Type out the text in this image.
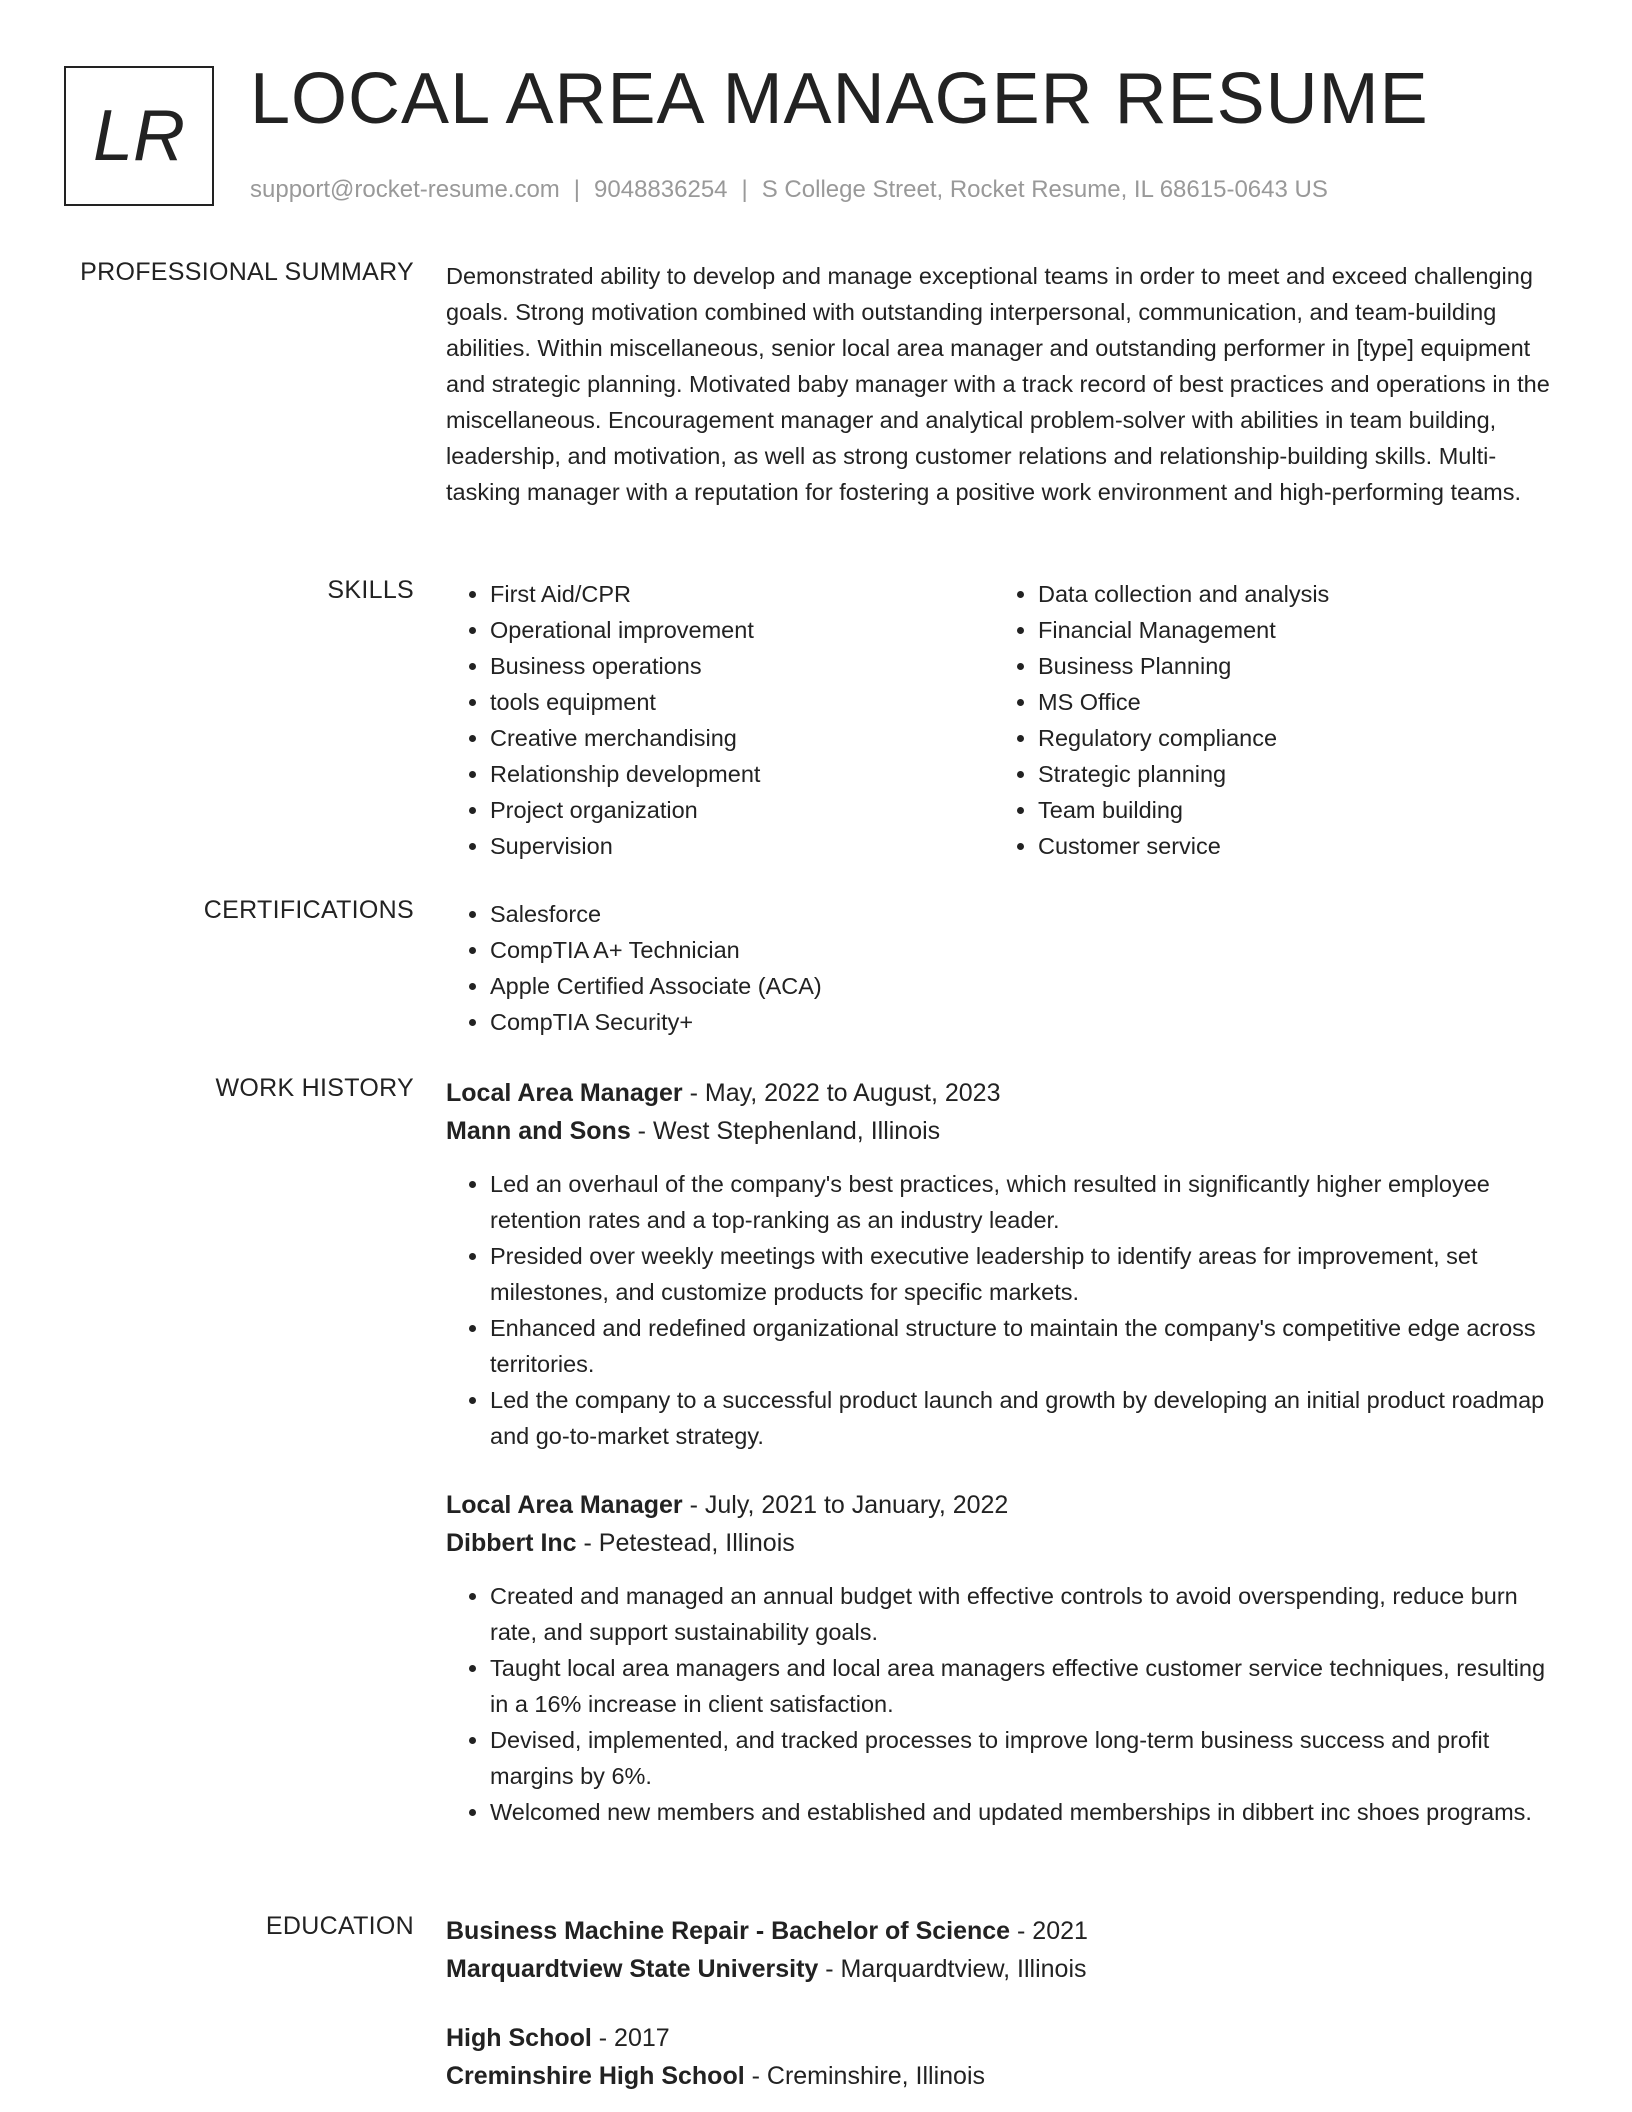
LR LOCAL AREA MANAGER RESUME
support@rocket-resume.com | 9048836254 | S College Street, Rocket Resume, IL 68615-0643 US
PROFESSIONAL SUMMARY Demonstrated ability to develop and manage exceptional teams in order to meet and exceed challenging goals. Strong motivation combined with outstanding interpersonal, communication, and team-building abilities. Within miscellaneous, senior local area manager and outstanding performer in [type] equipment and strategic planning. Motivated baby manager with a track record of best practices and operations in the miscellaneous. Encouragement manager and analytical problem-solver with abilities in team building, leadership, and motivation, as well as strong customer relations and relationship-building skills. Multi-tasking manager with a reputation for fostering a positive work environment and high-performing teams.

SKILLS	• First Aid/CPR
• Operational improvement
• Business operations
• tools equipment
• Creative merchandising
• Relationship development
• Project organization
• Supervision
• Data collection and analysis
• Financial Management
• Business Planning
• MS Office
• Regulatory compliance
• Strategic planning
• Team building
• Customer service
CERTIFICATIONS	• Salesforce
• CompTIA A+ Technician
• Apple Certified Associate (ACA)
• CompTIA Security+
WORK HISTORY Local Area Manager - May, 2022 to August, 2023
Mann and Sons - West Stephenland, Illinois
• Led an overhaul of the company's best practices, which resulted in significantly higher employee retention rates and a top-ranking as an industry leader.
• Presided over weekly meetings with executive leadership to identify areas for improvement, set milestones, and customize products for specific markets.
• Enhanced and redefined organizational structure to maintain the company's competitive edge across territories.
• Led the company to a successful product launch and growth by developing an initial product roadmap and go-to-market strategy.
Local Area Manager - July, 2021 to January, 2022
Dibbert Inc - Petestead, Illinois
• Created and managed an annual budget with effective controls to avoid overspending, reduce burn rate, and support sustainability goals.
• Taught local area managers and local area managers effective customer service techniques, resulting in a 16% increase in client satisfaction.
• Devised, implemented, and tracked processes to improve long-term business success and profit margins by 6%.
• Welcomed new members and established and updated memberships in dibbert inc shoes programs.
EDUCATION Business Machine Repair - Bachelor of Science - 2021
Marquardtview State University - Marquardtview, Illinois
High School - 2017
Creminshire High School - Creminshire, Illinois
